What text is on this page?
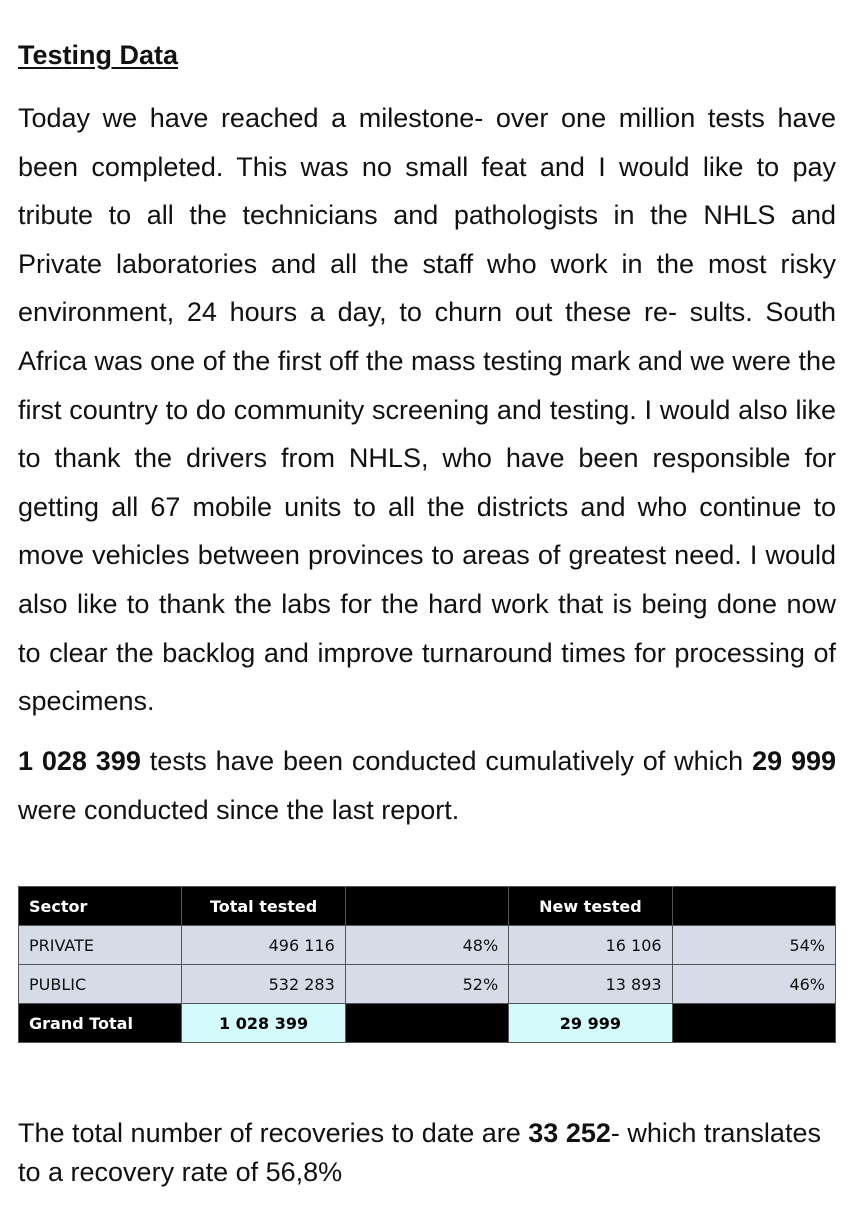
Testing Data

Today we have reached a milestone- over one million tests have been completed. This was no small feat and I would like to pay tribute to all the technicians and pathologists in the NHLS and Private laboratories and all the staff who work in the most risky environment, 24 hours a day, to churn out these re- sults. South Africa was one of the first off the mass testing mark and we were the first country to do community screening and testing. I would also like to thank the drivers from NHLS, who have been responsible for getting all 67 mobile units to all the districts and who continue to move vehicles between provinces to areas of greatest need. I would also like to thank the labs for the hard work that is being done now to clear the backlog and improve turnaround times for processing of specimens.

1 028 399 tests have been conducted cumulatively of which 29 999 were conducted since the last report.

Sector	Total tested		New tested	
PRIVATE	496 116	48%	16 106	54%
PUBLIC	532 283	52%	13 893	46%
Grand Total	1 028 399		29 999	

The total number of recoveries to date are 33 252- which translates to a recovery rate of 56,8%
